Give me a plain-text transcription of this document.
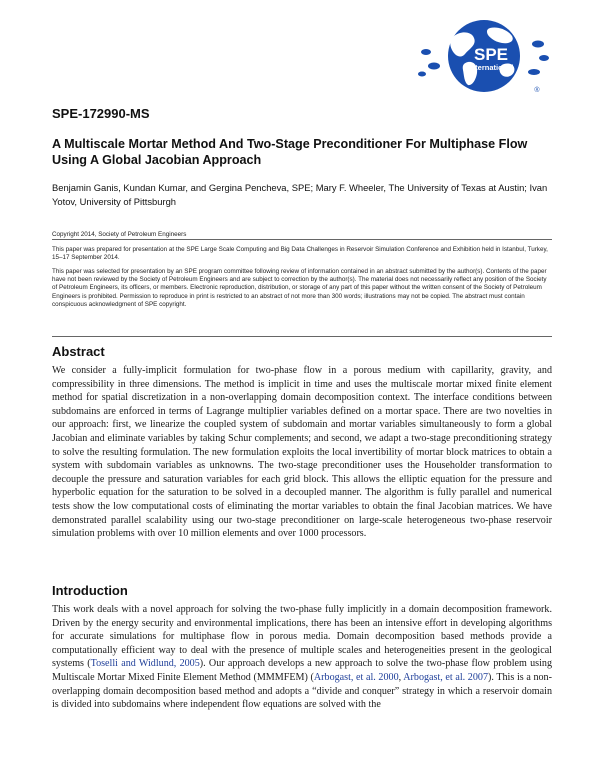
SPE
International
®
SPE-172990-MS
A Multiscale Mortar Method And Two-Stage Preconditioner For Multiphase Flow Using A Global Jacobian Approach
Benjamin Ganis, Kundan Kumar, and Gergina Pencheva, SPE; Mary F. Wheeler, The University of Texas at Austin; Ivan Yotov, University of Pittsburgh
Copyright 2014, Society of Petroleum Engineers
This paper was prepared for presentation at the SPE Large Scale Computing and Big Data Challenges in Reservoir Simulation Conference and Exhibition held in Istanbul, Turkey, 15–17 September 2014.
This paper was selected for presentation by an SPE program committee following review of information contained in an abstract submitted by the author(s). Contents of the paper have not been reviewed by the Society of Petroleum Engineers and are subject to correction by the author(s). The material does not necessarily reflect any position of the Society of Petroleum Engineers, its officers, or members. Electronic reproduction, distribution, or storage of any part of this paper without the written consent of the Society of Petroleum Engineers is prohibited. Permission to reproduce in print is restricted to an abstract of not more than 300 words; illustrations may not be copied. The abstract must contain conspicuous acknowledgment of SPE copyright.
Abstract
We consider a fully-implicit formulation for two-phase flow in a porous medium with capillarity, gravity, and compressibility in three dimensions. The method is implicit in time and uses the multiscale mortar mixed finite element method for spatial discretization in a non-overlapping domain decomposition context. The interface conditions between subdomains are enforced in terms of Lagrange multiplier variables defined on a mortar space. There are two novelties in our approach: first, we linearize the coupled system of subdomain and mortar variables simultaneously to form a global Jacobian and eliminate variables by taking Schur complements; and second, we adapt a two-stage preconditioning strategy to solve the resulting formulation. The new formulation exploits the local invertibility of mortar block matrices to obtain a system with subdomain variables as unknowns. The two-stage preconditioner uses the Householder transformation to decouple the pressure and saturation variables for each grid block. This allows the elliptic equation for the pressure and hyperbolic equation for the saturation to be solved in a decoupled manner. The algorithm is fully parallel and numerical tests show the low computational costs of eliminating the mortar variables to obtain the final Jacobian matrices. We have demonstrated parallel scalability using our two-stage preconditioner on large-scale heterogeneous two-phase reservoir simulation problems with over 10 million elements and over 1000 processors.
Introduction
This work deals with a novel approach for solving the two-phase fully implicitly in a domain decomposition framework. Driven by the energy security and environmental implications, there has been an intensive effort in developing algorithms for accurate simulations for multiphase flow in porous media. Domain decomposition based methods provide a computationally efficient way to deal with the presence of multiple scales and heterogeneities present in the geological systems (Toselli and Widlund, 2005). Our approach develops a new approach to solve the two-phase flow problem using Multiscale Mortar Mixed Finite Element Method (MMMFEM) (Arbogast, et al. 2000, Arbogast, et al. 2007). This is a non-overlapping domain decomposition based method and adopts a “divide and conquer” strategy in which a reservoir domain is divided into subdomains where independent flow equations are solved with the
